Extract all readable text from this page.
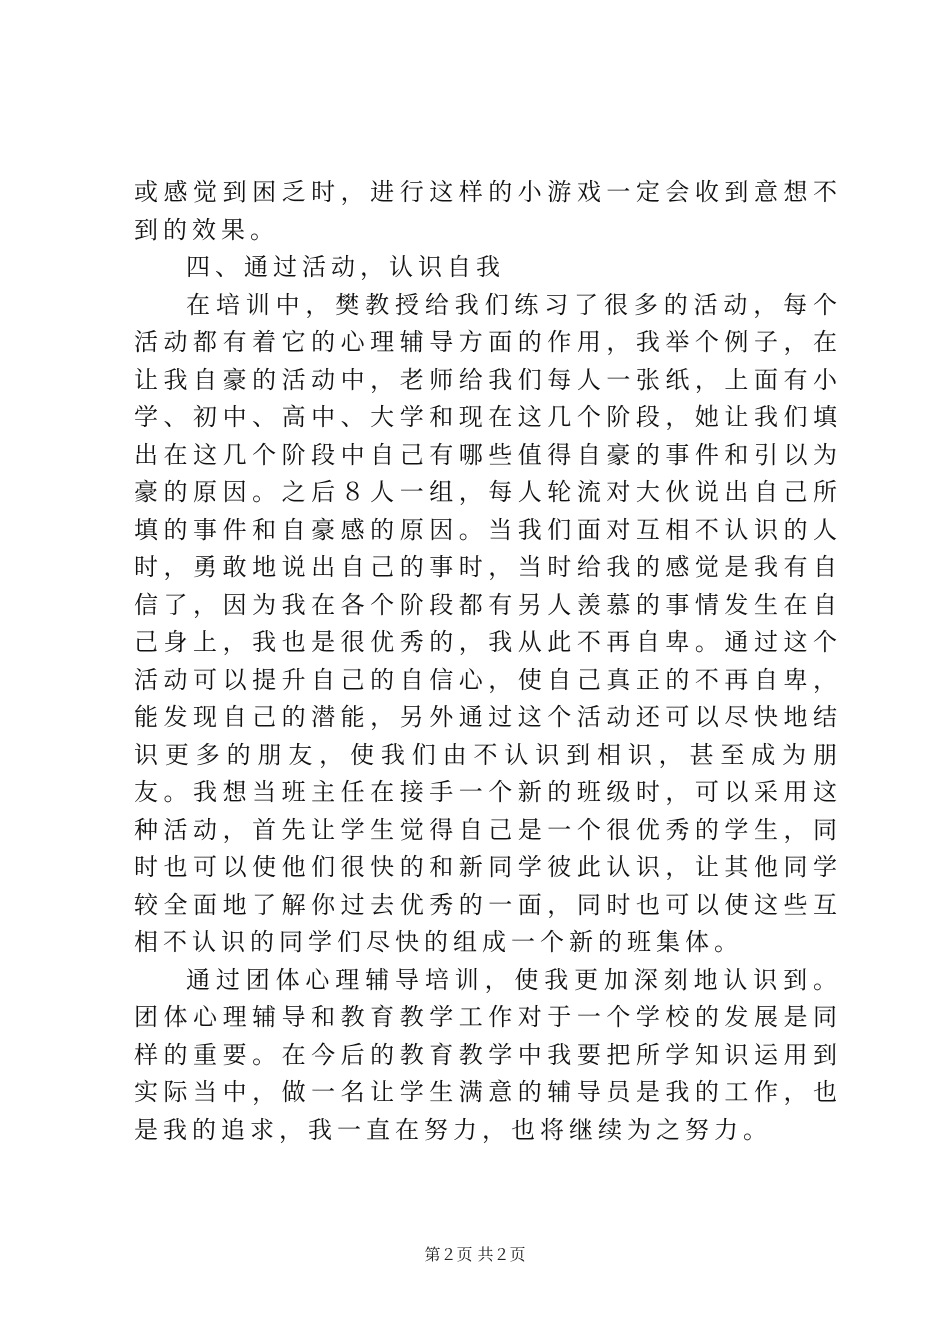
或感觉到困乏时，进行这样的小游戏一定会收到意想不到的效果。

四、通过活动，认识自我

在培训中，樊教授给我们练习了很多的活动，每个活动都有着它的心理辅导方面的作用，我举个例子，在让我自豪的活动中，老师给我们每人一张纸，上面有小学、初中、高中、大学和现在这几个阶段，她让我们填出在这几个阶段中自己有哪些值得自豪的事件和引以为豪的原因。之后８人一组，每人轮流对大伙说出自己所填的事件和自豪感的原因。当我们面对互相不认识的人时，勇敢地说出自己的事时，当时给我的感觉是我有自信了，因为我在各个阶段都有另人羡慕的事情发生在自己身上，我也是很优秀的，我从此不再自卑。通过这个活动可以提升自己的自信心，使自己真正的不再自卑，能发现自己的潜能，另外通过这个活动还可以尽快地结识更多的朋友，使我们由不认识到相识，甚至成为朋友。我想当班主任在接手一个新的班级时，可以采用这种活动，首先让学生觉得自己是一个很优秀的学生，同时也可以使他们很快的和新同学彼此认识，让其他同学较全面地了解你过去优秀的一面，同时也可以使这些互相不认识的同学们尽快的组成一个新的班集体。

通过团体心理辅导培训，使我更加深刻地认识到。团体心理辅导和教育教学工作对于一个学校的发展是同样的重要。在今后的教育教学中我要把所学知识运用到实际当中，做一名让学生满意的辅导员是我的工作，也是我的追求，我一直在努力，也将继续为之努力。

第２页 共２页
